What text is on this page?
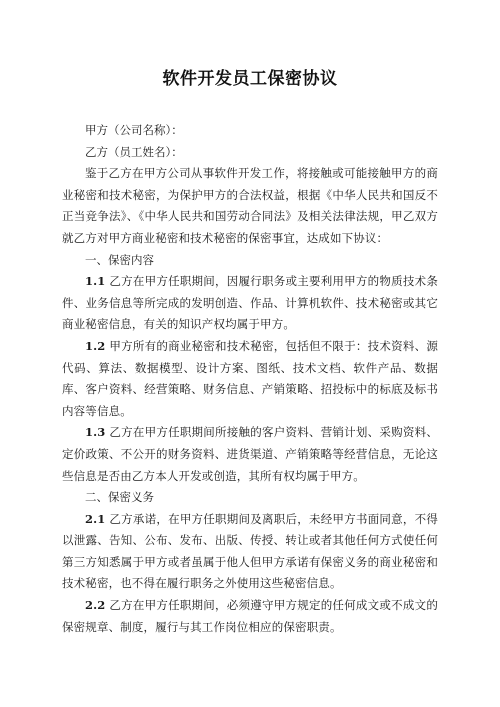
软件开发员工保密协议

甲方（公司名称）：

乙方（员工姓名）：

鉴于乙方在甲方公司从事软件开发工作，将接触或可能接触甲方的商业秘密和技术秘密，为保护甲方的合法权益，根据《中华人民共和国反不正当竞争法》、《中华人民共和国劳动合同法》及相关法律法规，甲乙双方就乙方对甲方商业秘密和技术秘密的保密事宜，达成如下协议：

一、保密内容

1.1 乙方在甲方任职期间，因履行职务或主要利用甲方的物质技术条件、业务信息等所完成的发明创造、作品、计算机软件、技术秘密或其它商业秘密信息，有关的知识产权均属于甲方。

1.2 甲方所有的商业秘密和技术秘密，包括但不限于：技术资料、源代码、算法、数据模型、设计方案、图纸、技术文档、软件产品、数据库、客户资料、经营策略、财务信息、产销策略、招投标中的标底及标书内容等信息。

1.3 乙方在甲方任职期间所接触的客户资料、营销计划、采购资料、定价政策、不公开的财务资料、进货渠道、产销策略等经营信息，无论这些信息是否由乙方本人开发或创造，其所有权均属于甲方。

二、保密义务

2.1 乙方承诺，在甲方任职期间及离职后，未经甲方书面同意，不得以泄露、告知、公布、发布、出版、传授、转让或者其他任何方式使任何第三方知悉属于甲方或者虽属于他人但甲方承诺有保密义务的商业秘密和技术秘密，也不得在履行职务之外使用这些秘密信息。

2.2 乙方在甲方任职期间，必须遵守甲方规定的任何成文或不成文的保密规章、制度，履行与其工作岗位相应的保密职责。
